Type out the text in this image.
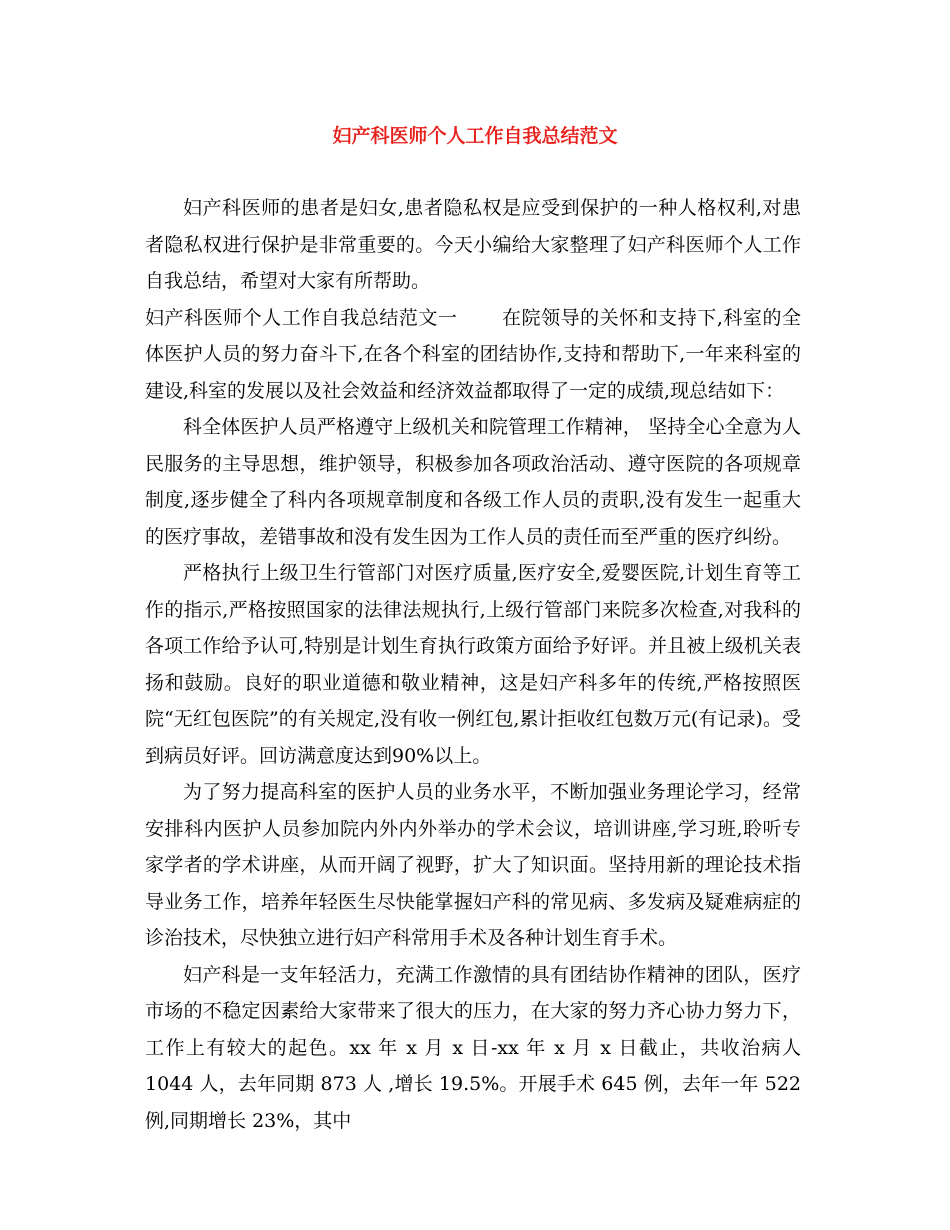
妇产科医师个人工作自我总结范文

妇产科医师的患者是妇女,患者隐私权是应受到保护的一种人格权利,对患者隐私权进行保护是非常重要的。今天小编给大家整理了妇产科医师个人工作自我总结，希望对大家有所帮助。

妇产科医师个人工作自我总结范文一 在院领导的关怀和支持下,科室的全体医护人员的努力奋斗下,在各个科室的团结协作,支持和帮助下,一年来科室的建设,科室的发展以及社会效益和经济效益都取得了一定的成绩,现总结如下：

科全体医护人员严格遵守上级机关和院管理工作精神， 坚持全心全意为人民服务的主导思想，维护领导，积极参加各项政治活动、遵守医院的各项规章制度,逐步健全了科内各项规章制度和各级工作人员的责职,没有发生一起重大的医疗事故，差错事故和没有发生因为工作人员的责任而至严重的医疗纠纷。

严格执行上级卫生行管部门对医疗质量,医疗安全,爱婴医院,计划生育等工作的指示,严格按照国家的法律法规执行,上级行管部门来院多次检查,对我科的各项工作给予认可,特别是计划生育执行政策方面给予好评。并且被上级机关表扬和鼓励。良好的职业道德和敬业精神，这是妇产科多年的传统,严格按照医院“无红包医院”的有关规定,没有收一例红包,累计拒收红包数万元(有记录)。受到病员好评。回访满意度达到90%以上。

为了努力提高科室的医护人员的业务水平，不断加强业务理论学习，经常安排科内医护人员参加院内外内外举办的学术会议，培训讲座,学习班,聆听专家学者的学术讲座，从而开阔了视野，扩大了知识面。坚持用新的理论技术指导业务工作，培养年轻医生尽快能掌握妇产科的常见病、多发病及疑难病症的诊治技术，尽快独立进行妇产科常用手术及各种计划生育手术。

妇产科是一支年轻活力，充满工作激情的具有团结协作精神的团队，医疗市场的不稳定因素给大家带来了很大的压力，在大家的努力齐心协力努力下，工作上有较大的起色。xx 年 x 月 x 日-xx 年 x 月 x 日截止，共收治病人 1044 人，去年同期 873 人 ,增长 19.5%。开展手术 645 例，去年一年 522 例,同期增长 23%，其中
